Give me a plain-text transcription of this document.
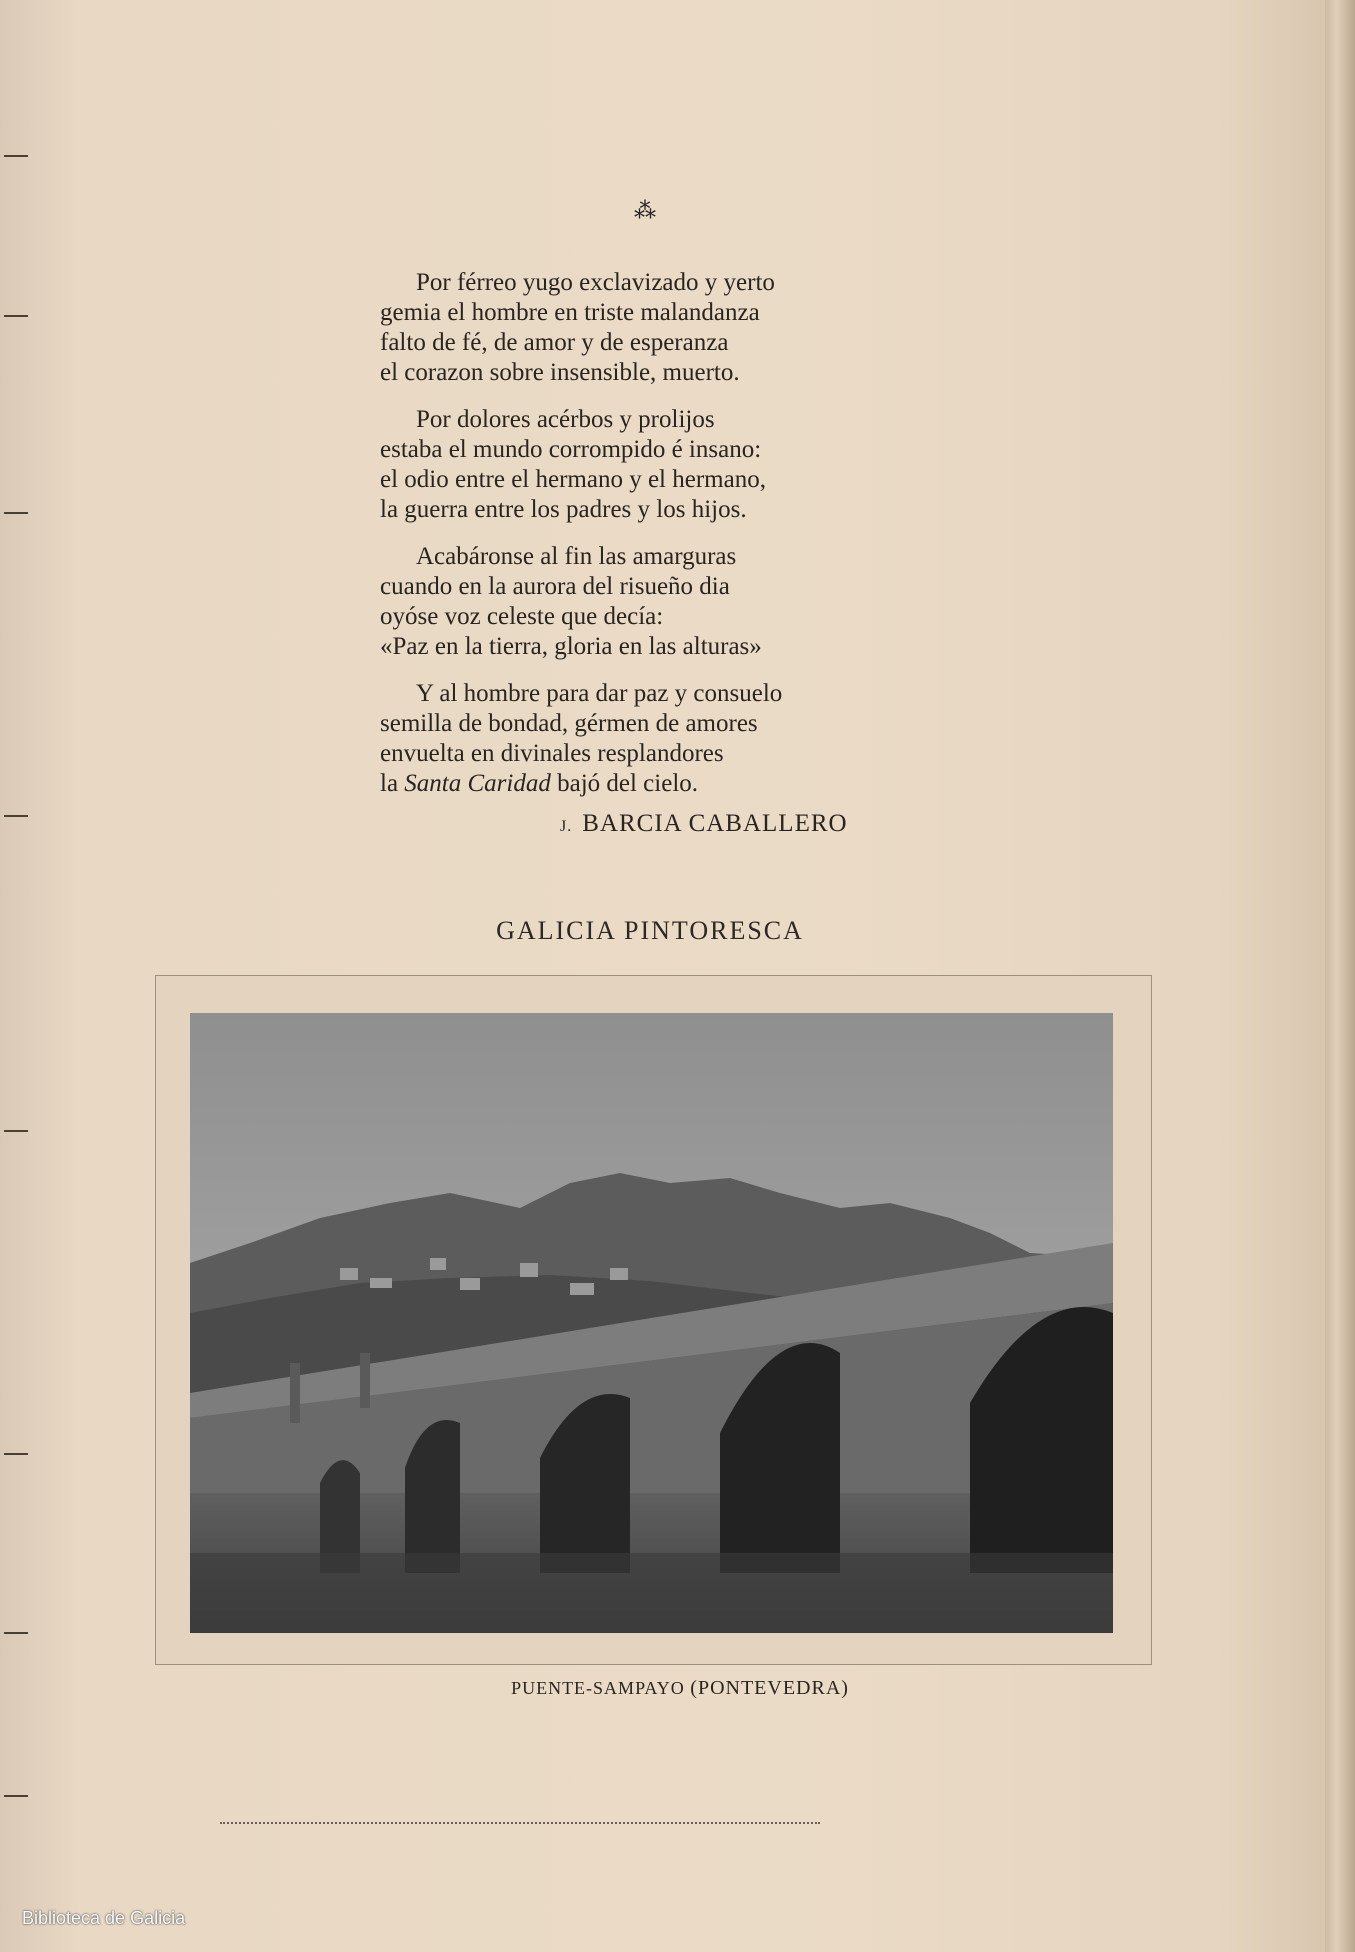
⁂
Por férreo yugo exclavizado y yerto
gemia el hombre en triste malandanza
falto de fé, de amor y de esperanza
el corazon sobre insensible, muerto.
Por dolores acérbos y prolijos
estaba el mundo corrompido é insano:
el odio entre el hermano y el hermano,
la guerra entre los padres y los hijos.
Acabáronse al fin las amarguras
cuando en la aurora del risueño dia
oyóse voz celeste que decía:
«Paz en la tierra, gloria en las alturas»
Y al hombre para dar paz y consuelo
semilla de bondad, gérmen de amores
envuelta en divinales resplandores
la Santa Caridad bajó del cielo.
J. BARCIA CABALLERO
GALICIA PINTORESCA
PUENTE-SAMPAYO (PONTEVEDRA)
Biblioteca de Galicia
